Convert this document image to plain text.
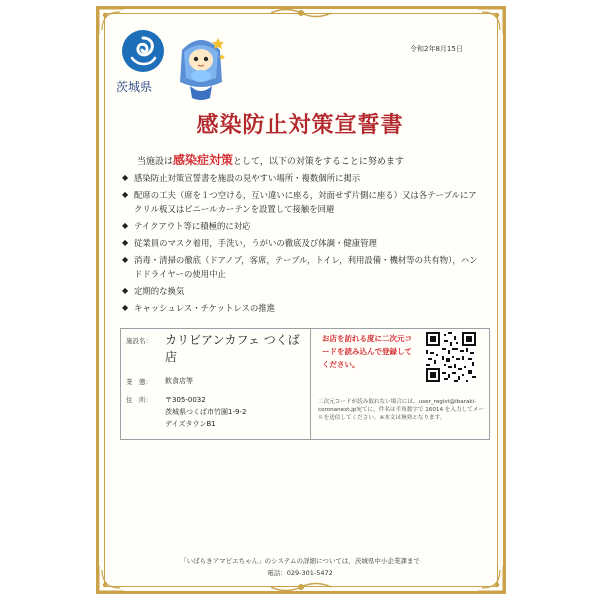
茨城県
令和2年8月15日
感染防止対策宣誓書
当施設は感染症対策として，以下の対策をすることに努めます
◆ 感染防止対策宣誓書を施設の見やすい場所・複数個所に掲示
◆ 配席の工夫（席を１つ空ける，互い違いに座る，対面せず片側に座る）又は各テーブルにアクリル板又はビニールカーテンを設置して接触を回避
◆ テイクアウト等に積極的に対応
◆ 従業員のマスク着用，手洗い，うがいの徹底及び体調・健康管理
◆ 消毒・清掃の徹底（ドアノブ，客席，テーブル，トイレ，利用設備・機材等の共有物），ハンドドライヤーの使用中止
◆ 定期的な換気
◆ キャッシュレス・チケットレスの推進
施設名： カリビアンカフェ つくば店
業　態： 飲食店等
住　所： 〒305-0032
茨城県つくば市竹園1-9-2
デイズタウンB1
お店を訪れる度に二次元コードを読み込んで登録してください。
二次元コードが読み取れない場合には，user_regist@ibaraki-coronanext.jp宛てに，件名は半角数字で 16014 を入力してメールを送信してください。※本文は無効となります。
「いばらきアマビエちゃん」のシステムの詳細については，茨城県中小企業課まで
電話：029-301-5472
